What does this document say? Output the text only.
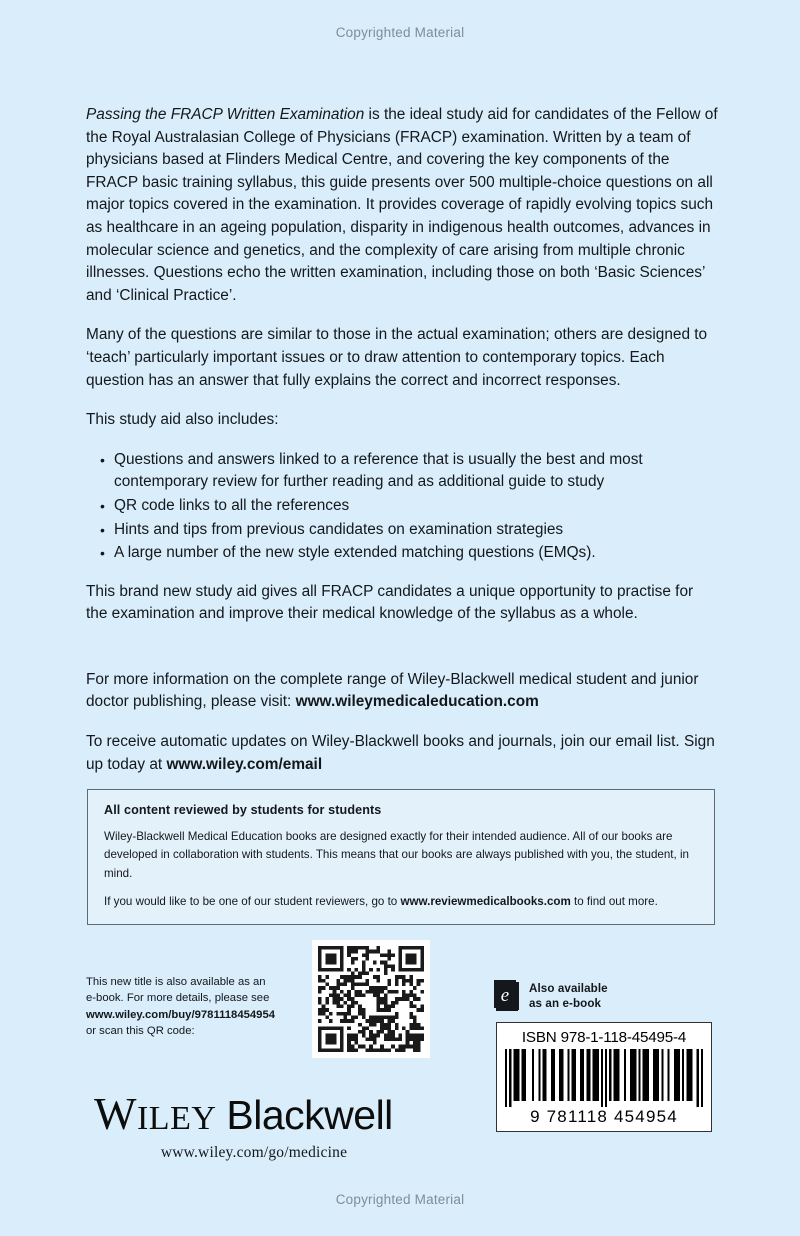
Copyrighted Material

Passing the FRACP Written Examination is the ideal study aid for candidates of the Fellow of the Royal Australasian College of Physicians (FRACP) examination. Written by a team of physicians based at Flinders Medical Centre, and covering the key components of the FRACP basic training syllabus, this guide presents over 500 multiple-choice questions on all major topics covered in the examination. It provides coverage of rapidly evolving topics such as healthcare in an ageing population, disparity in indigenous health outcomes, advances in molecular science and genetics, and the complexity of care arising from multiple chronic illnesses. Questions echo the written examination, including those on both ‘Basic Sciences’ and ‘Clinical Practice’.

Many of the questions are similar to those in the actual examination; others are designed to ‘teach’ particularly important issues or to draw attention to contemporary topics. Each question has an answer that fully explains the correct and incorrect responses.

This study aid also includes:

• Questions and answers linked to a reference that is usually the best and most contemporary review for further reading and as additional guide to study
• QR code links to all the references
• Hints and tips from previous candidates on examination strategies
• A large number of the new style extended matching questions (EMQs).

This brand new study aid gives all FRACP candidates a unique opportunity to practise for the examination and improve their medical knowledge of the syllabus as a whole.

For more information on the complete range of Wiley-Blackwell medical student and junior doctor publishing, please visit: www.wileymedicaleducation.com

To receive automatic updates on Wiley-Blackwell books and journals, join our email list. Sign up today at www.wiley.com/email

All content reviewed by students for students

Wiley-Blackwell Medical Education books are designed exactly for their intended audience. All of our books are developed in collaboration with students. This means that our books are always published with you, the student, in mind.

If you would like to be one of our student reviewers, go to www.reviewmedicalbooks.com to find out more.

This new title is also available as an
e-book. For more details, please see
www.wiley.com/buy/9781118454954
or scan this QR code:
e Also available
as an e-book
ISBN 978-1-118-45495-4
9 781118 454954
WILEY Blackwell
www.wiley.com/go/medicine
Copyrighted Material
